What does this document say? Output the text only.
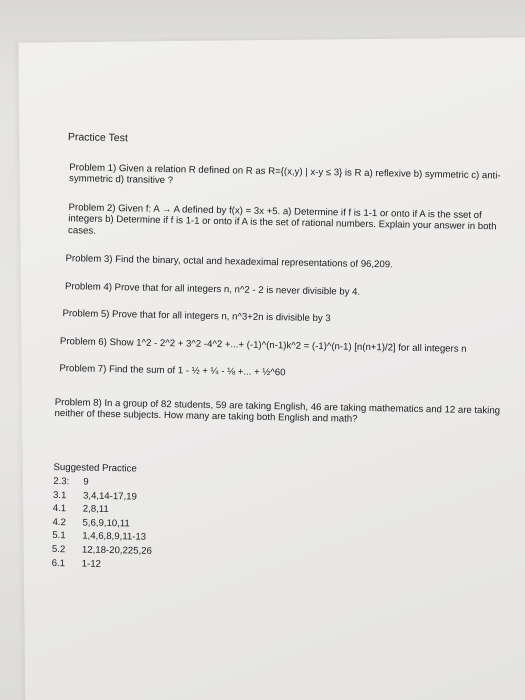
Practice Test
Problem 1) Given a relation R defined on R as R={(x,y) | x-y ≤ 3} is R a) reflexive b) symmetric c) anti-symmetric d) transitive ?
Problem 2) Given f: A → A defined by f(x) = 3x +5. a) Determine if f is 1-1 or onto if A is the sset of integers b) Determine if f is 1-1 or onto if A is the set of rational numbers. Explain your answer in both cases.
Problem 3) Find the binary, octal and hexadeximal representations of 96,209.
Problem 4) Prove that for all integers n, n^2 - 2 is never divisible by 4.
Problem 5) Prove that for all integers n, n^3+2n is divisible by 3
Problem 6) Show 1^2 - 2^2 + 3^2 -4^2 +...+ (-1)^(n-1)k^2 = (-1)^(n-1) [n(n+1)/2] for all integers n
Problem 7) Find the sum of 1 - ½ + ¼ - ⅛ +... + ½^60
Problem 8) In a group of 82 students, 59 are taking English, 46 are taking mathematics and 12 are taking neither of these subjects. How many are taking both English and math?
Suggested Practice
2.3:	9
3.1	3,4,14-17,19
4.1	2,8,11
4.2	5,6,9,10,11
5.1	1,4,6,8,9,11-13
5.2	12,18-20,225,26
6.1	1-12
